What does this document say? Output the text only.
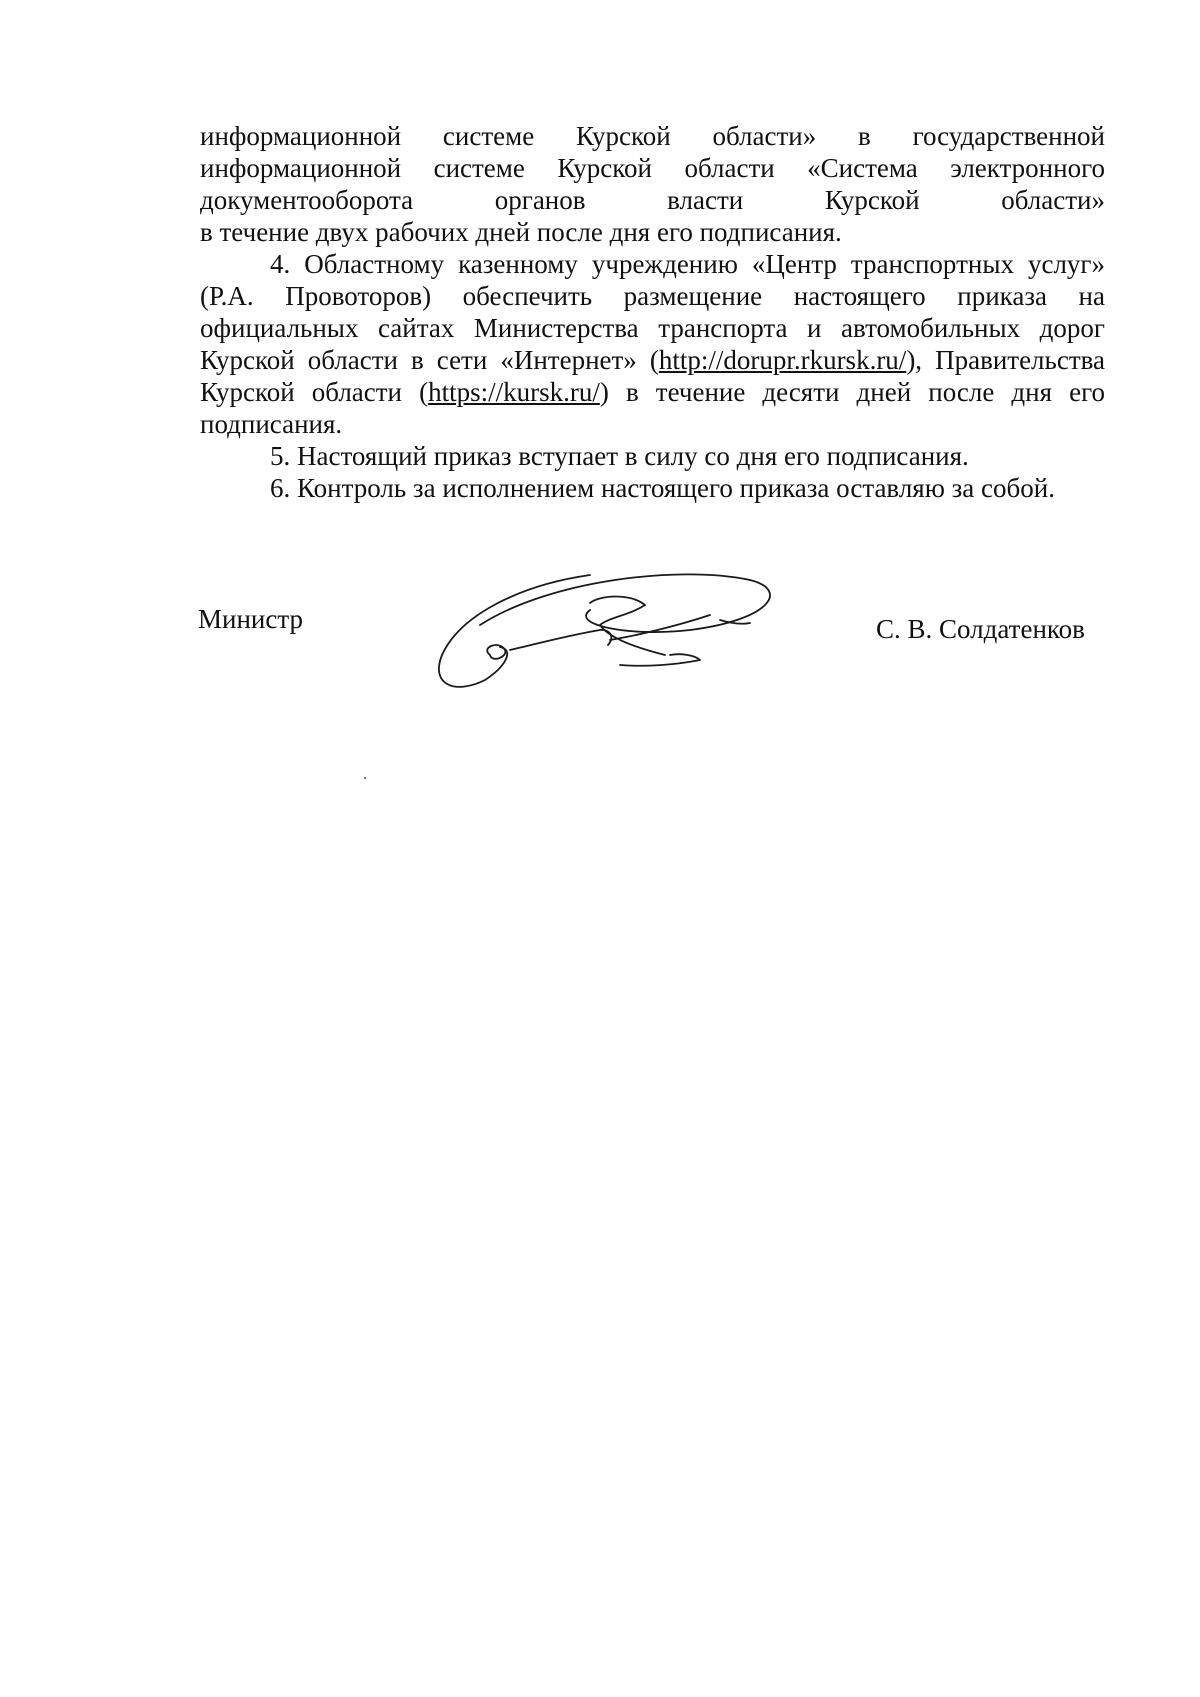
информационной системе Курской области» в государственной информационной системе Курской области «Система электронного документооборота органов власти Курской области»

в течение двух рабочих дней после дня его подписания.

4. Областному казенному учреждению «Центр транспортных услуг» (Р.А. Провоторов) обеспечить размещение настоящего приказа на официальных сайтах Министерства транспорта и автомобильных дорог Курской области в сети «Интернет» (http://dorupr.rkursk.ru/), Правительства Курской области (https://kursk.ru/) в течение десяти дней после дня его подписания.

5. Настоящий приказ вступает в силу со дня его подписания.

6. Контроль за исполнением настоящего приказа оставляю за собой.

Министр	С. В. Солдатенков
